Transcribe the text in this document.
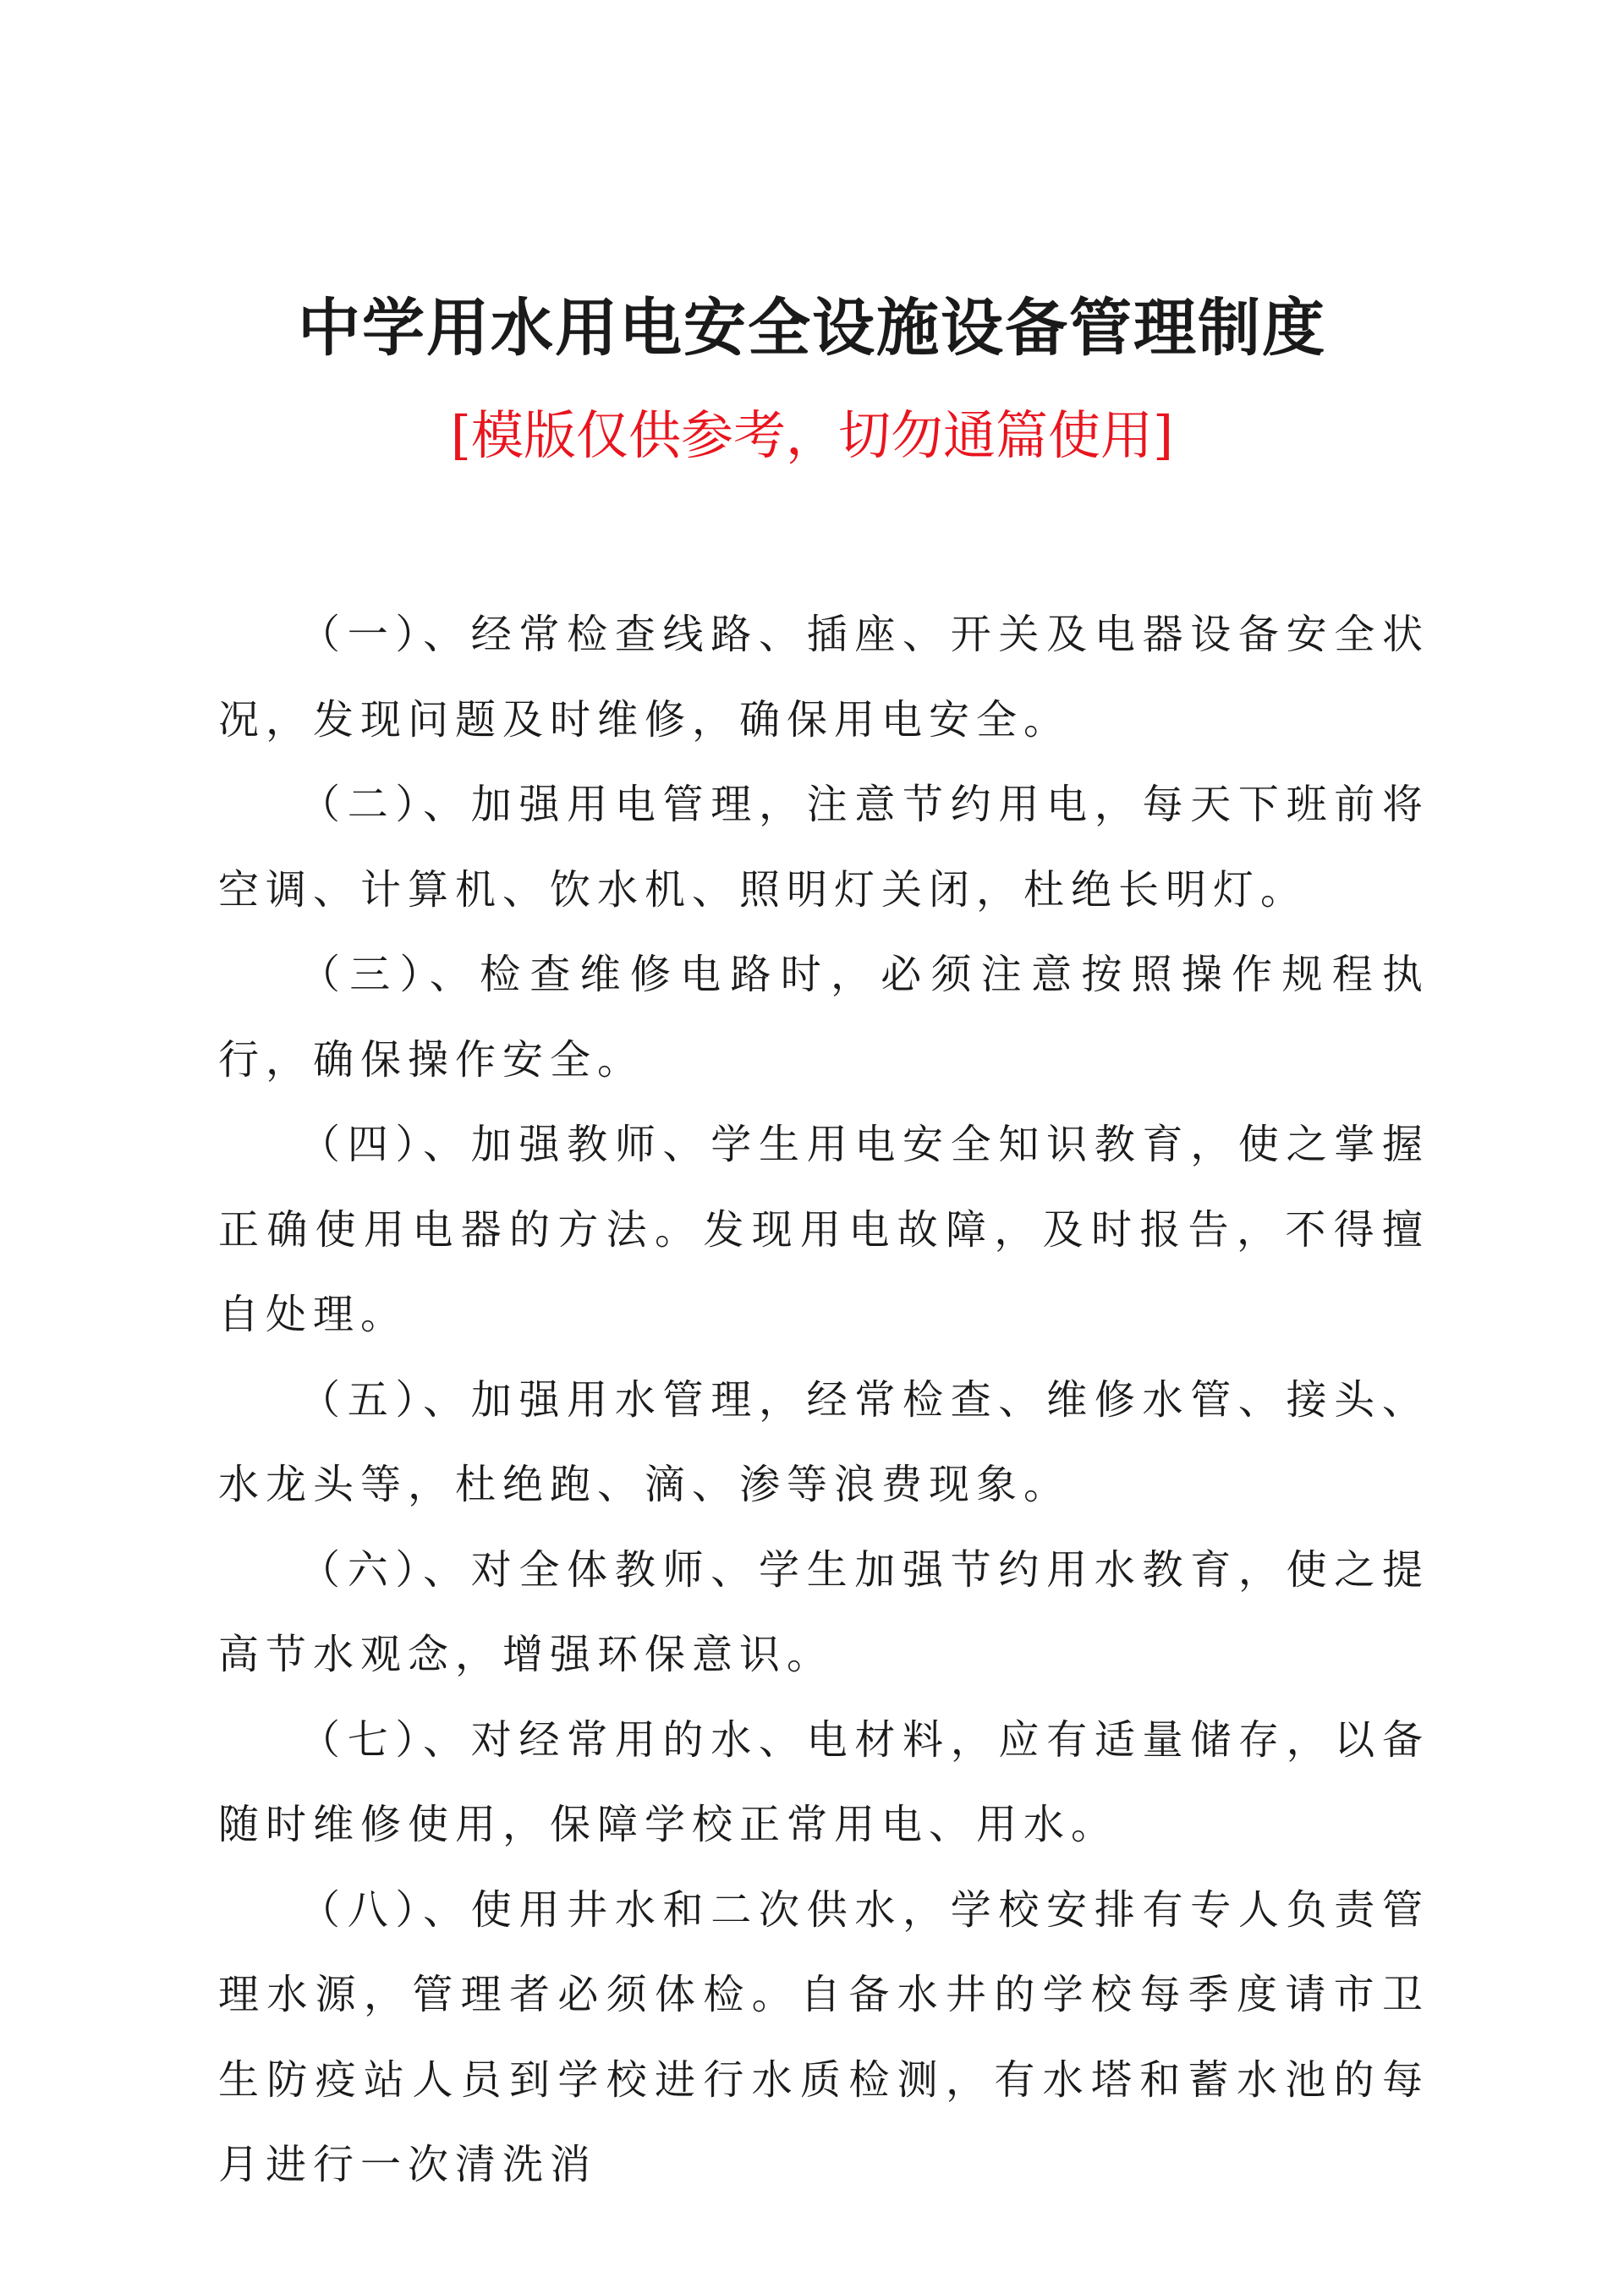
中学用水用电安全设施设备管理制度
[模版仅供参考，切勿通篇使用]

（一）、经常检查线路、插座、开关及电器设备安全状况，发现问题及时维修，确保用电安全。

（二）、加强用电管理，注意节约用电，每天下班前将空调、计算机、饮水机、照明灯关闭，杜绝长明灯。

（三）、检查维修电路时，必须注意按照操作规程执行，确保操作安全。

（四）、加强教师、学生用电安全知识教育，使之掌握正确使用电器的方法。发现用电故障，及时报告，不得擅自处理。

（五）、加强用水管理，经常检查、维修水管、接头、水龙头等，杜绝跑、滴、渗等浪费现象。

（六）、对全体教师、学生加强节约用水教育，使之提高节水观念，增强环保意识。

（七）、对经常用的水、电材料，应有适量储存，以备随时维修使用，保障学校正常用电、用水。

（八）、使用井水和二次供水，学校安排有专人负责管理水源，管理者必须体检。自备水井的学校每季度请市卫生防疫站人员到学校进行水质检测，有水塔和蓄水池的每月进行一次清洗消
